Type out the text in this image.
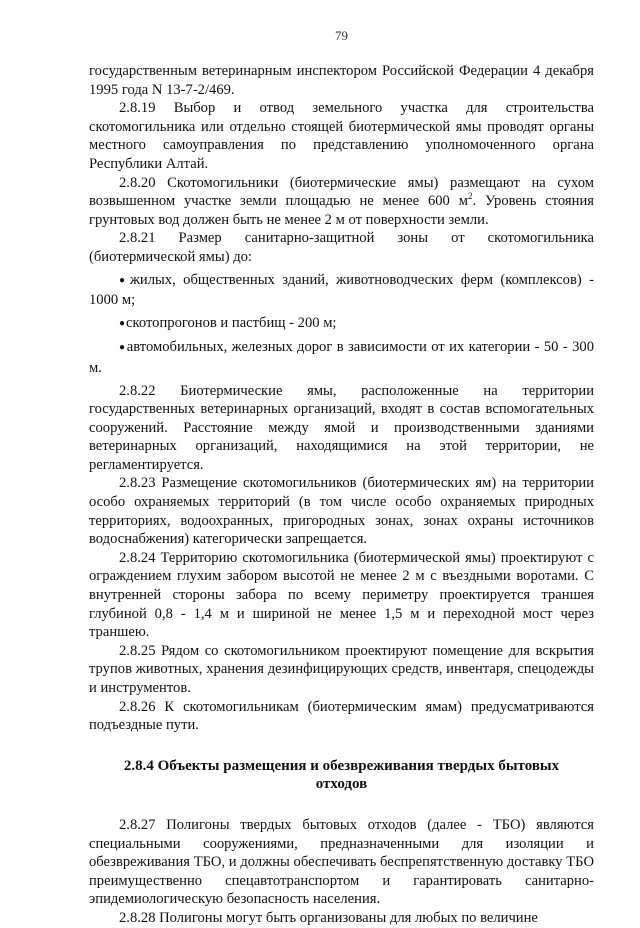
79

государственным ветеринарным инспектором Российской Федерации 4 декабря 1995 года N 13-7-2/469.

2.8.19 Выбор и отвод земельного участка для строительства скотомогильника или отдельно стоящей биотермической ямы проводят органы местного самоуправления по представлению уполномоченного органа Республики Алтай.

2.8.20 Скотомогильники (биотермические ямы) размещают на сухом возвышенном участке земли площадью не менее 600 $м^2$. Уровень стояния грунтовых вод должен быть не менее 2 м от поверхности земли.

2.8.21 Размер санитарно-защитной зоны от скотомогильника (биотермической ямы) до:

●жилых, общественных зданий, животноводческих ферм (комплексов) - 1000 м;

●скотопрогонов и пастбищ - 200 м;

●автомобильных, железных дорог в зависимости от их категории - 50 - 300 м.

2.8.22 Биотермические ямы, расположенные на территории государственных ветеринарных организаций, входят в состав вспомогательных сооружений. Расстояние между ямой и производственными зданиями ветеринарных организаций, находящимися на этой территории, не регламентируется.

2.8.23 Размещение скотомогильников (биотермических ям) на территории особо охраняемых территорий (в том числе особо охраняемых природных территориях, водоохранных, пригородных зонах, зонах охраны источников водоснабжения) категорически запрещается.

2.8.24 Территорию скотомогильника (биотермической ямы) проектируют с ограждением глухим забором высотой не менее 2 м с въездными воротами. С внутренней стороны забора по всему периметру проектируется траншея глубиной 0,8 - 1,4 м и шириной не менее 1,5 м и переходной мост через траншею.

2.8.25 Рядом со скотомогильником проектируют помещение для вскрытия трупов животных, хранения дезинфицирующих средств, инвентаря, спецодежды и инструментов.

2.8.26 К скотомогильникам (биотермическим ямам) предусматриваются подъездные пути.

2.8.4 Объекты размещения и обезвреживания твердых бытовых отходов

2.8.27 Полигоны твердых бытовых отходов (далее - ТБО) являются специальными сооружениями, предназначенными для изоляции и обезвреживания ТБО, и должны обеспечивать беспрепятственную доставку ТБО преимущественно спецавтотранспортом и гарантировать санитарно-эпидемиологическую безопасность населения.

2.8.28 Полигоны могут быть организованы для любых по величине
